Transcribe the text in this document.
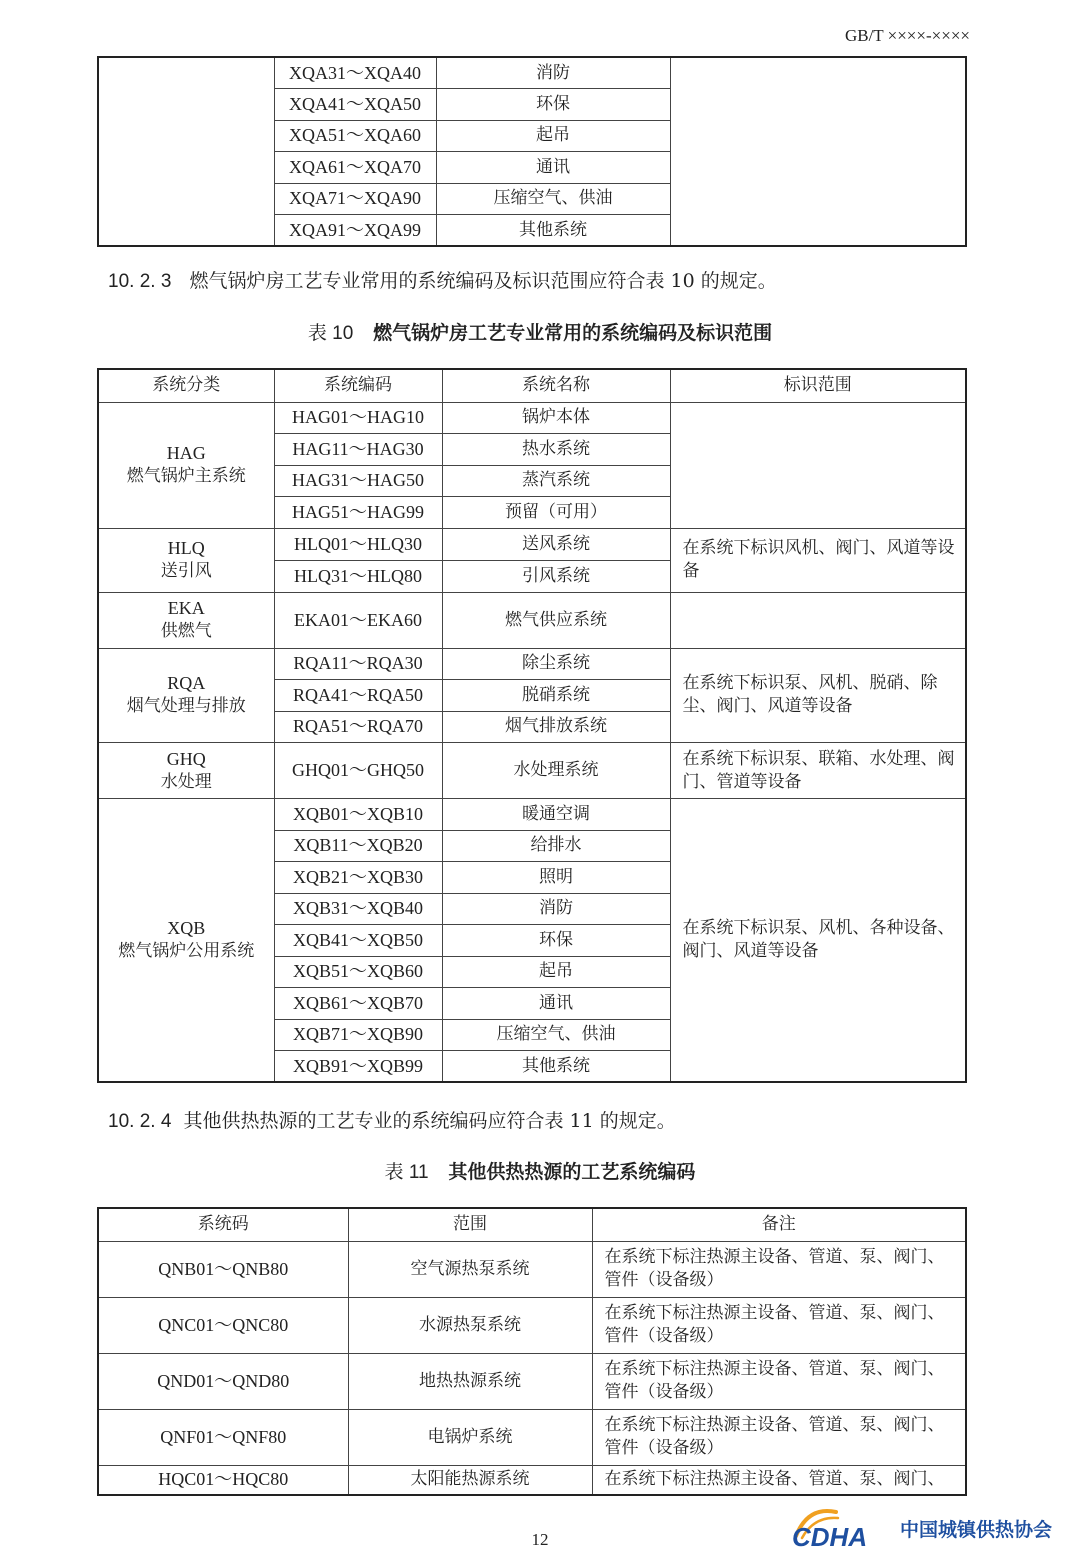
GB/T ××××-××××
	XQA31～XQA40	消防	
	XQA41～XQA50	环保	
	XQA51～XQA60	起吊	
	XQA61～XQA70	通讯	
	XQA71～XQA90	压缩空气、供油	
	XQA91～XQA99	其他系统	
10. 2. 3 燃气锅炉房工艺专业常用的系统编码及标识范围应符合表 10 的规定。
表 10 燃气锅炉房工艺专业常用的系统编码及标识范围
系统分类	系统编码	系统名称	标识范围

HAG
燃气锅炉主系统	HAG01～HAG10	锅炉本体	
	HAG11～HAG30	热水系统	
	HAG31～HAG50	蒸汽系统	
	HAG51～HAG99	预留（可用）	

HLQ
送引风	HLQ01～HLQ30	送风系统	在系统下标识风机、阀门、风道等设备
	HLQ31～HLQ80	引风系统	

EKA
供燃气	EKA01～EKA60	燃气供应系统	

RQA
烟气处理与排放	RQA11～RQA30	除尘系统	在系统下标识泵、风机、脱硝、除尘、阀门、风道等设备
	RQA41～RQA50	脱硝系统	
	RQA51～RQA70	烟气排放系统	

GHQ
水处理	GHQ01～GHQ50	水处理系统	在系统下标识泵、联箱、水处理、阀门、管道等设备

XQB
燃气锅炉公用系统	XQB01～XQB10	暖通空调	在系统下标识泵、风机、各种设备、阀门、风道等设备
	XQB11～XQB20	给排水	
	XQB21～XQB30	照明	
	XQB31～XQB40	消防	
	XQB41～XQB50	环保	
	XQB51～XQB60	起吊	
	XQB61～XQB70	通讯	
	XQB71～XQB90	压缩空气、供油	
	XQB91～XQB99	其他系统	
10. 2. 4 其他供热热源的工艺专业的系统编码应符合表 11 的规定。
表 11 其他供热热源的工艺系统编码
系统码	范围	备注
QNB01～QNB80	空气源热泵系统	在系统下标注热源主设备、管道、泵、阀门、管件（设备级）
QNC01～QNC80	水源热泵系统	在系统下标注热源主设备、管道、泵、阀门、管件（设备级）
QND01～QND80	地热热源系统	在系统下标注热源主设备、管道、泵、阀门、管件（设备级）
QNF01～QNF80	电锅炉系统	在系统下标注热源主设备、管道、泵、阀门、管件（设备级）
HQC01～HQC80	太阳能热源系统	在系统下标注热源主设备、管道、泵、阀门、
12	CDHA 中国城镇供热协会
